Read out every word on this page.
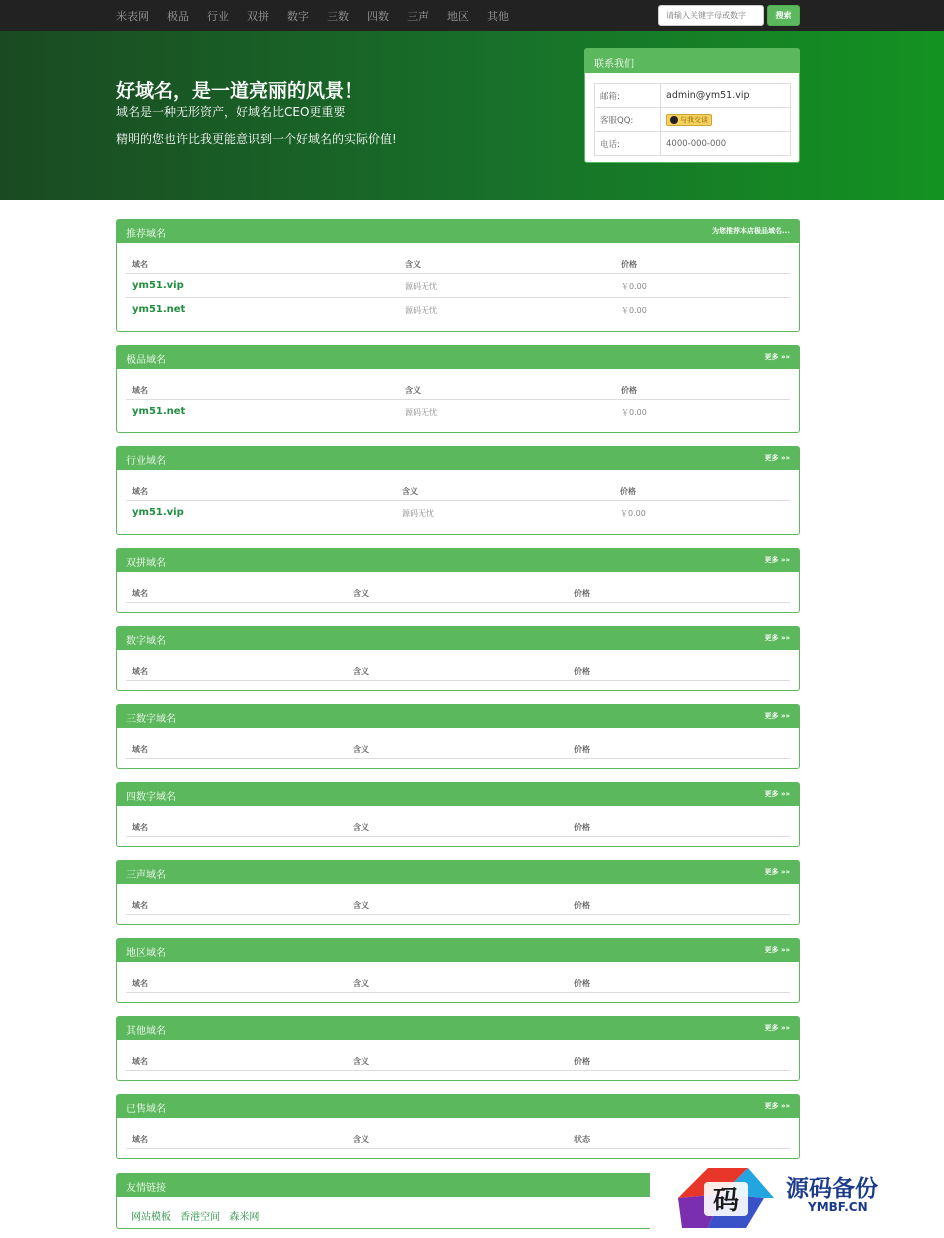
米表网 极品 行业 双拼 数字 三数 四数 三声 地区 其他
请输入关键字母或数字	搜索
好域名，是一道亮丽的风景！
域名是一种无形资产，好域名比CEO更重要
精明的您也许比我更能意识到一个好域名的实际价值!
联系我们
邮箱:	admin@ym51.vip
客服QQ:	与我交谈
电话:	4000-000-000
推荐域名	为您推荐本店极品域名...
域名	含义	价格
ym51.vip	源码无忧	￥0.00
ym51.net	源码无忧	￥0.00
极品域名	更多 »»
域名	含义	价格
ym51.net	源码无忧	￥0.00
行业域名	更多 »»
域名	含义	价格
ym51.vip	源码无忧	￥0.00
双拼域名	更多 »»
域名	含义	价格
数字域名	更多 »»
域名	含义	价格
三数字域名	更多 »»
域名	含义	价格
四数字域名	更多 »»
域名	含义	价格
三声域名	更多 »»
域名	含义	价格
地区域名	更多 »»
域名	含义	价格
其他域名	更多 »»
域名	含义	价格
已售域名	更多 »»
域名	含义	状态
友情链接
网站模板 香港空间 森米网
码 源码备份
YMBF.CN
